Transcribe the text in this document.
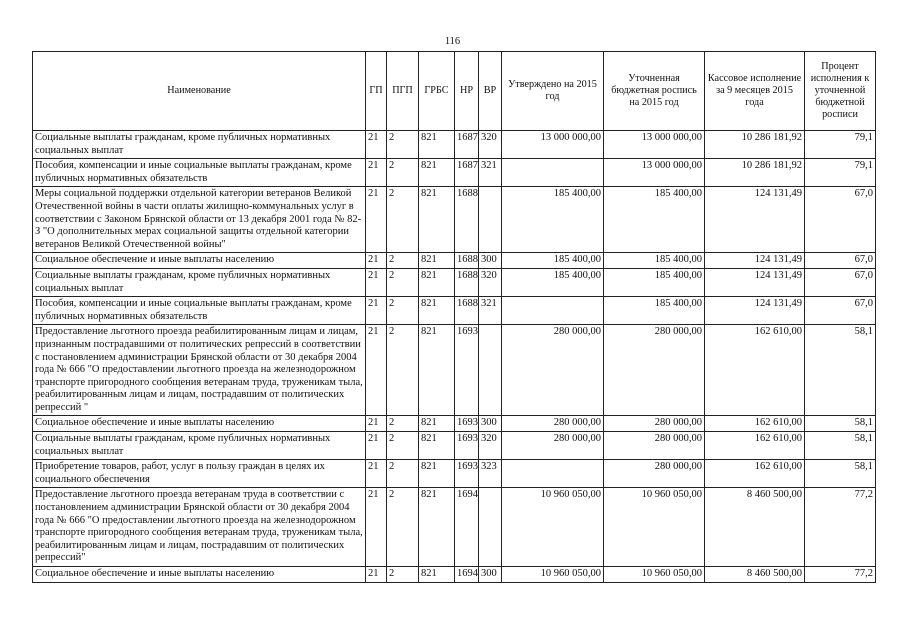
116
Наименование	ГП	ПГП	ГРБС	НР	ВР	Утверждено на 2015 год	Уточненная бюджетная роспись на 2015 год	Кассовое исполнение за 9 месяцев 2015 года	Процент исполнения к уточненной бюджетной росписи
Социальные выплаты гражданам, кроме публичных нормативных социальных выплат	21	2	821	1687	320	13 000 000,00	13 000 000,00	10 286 181,92	79,1
Пособия, компенсации и иные социальные выплаты гражданам, кроме публичных нормативных обязательств	21	2	821	1687	321		13 000 000,00	10 286 181,92	79,1
Меры социальной поддержки отдельной категории ветеранов Великой Отечественной войны в части оплаты жилищно-коммунальных услуг в соответствии с Законом Брянской области от 13 декабря 2001 года № 82-З "О дополнительных мерах социальной защиты отдельной категории ветеранов Великой Отечественной войны"	21	2	821	1688		185 400,00	185 400,00	124 131,49	67,0
Социальное обеспечение и иные выплаты населению	21	2	821	1688	300	185 400,00	185 400,00	124 131,49	67,0
Социальные выплаты гражданам, кроме публичных нормативных социальных выплат	21	2	821	1688	320	185 400,00	185 400,00	124 131,49	67,0
Пособия, компенсации и иные социальные выплаты гражданам, кроме публичных нормативных обязательств	21	2	821	1688	321		185 400,00	124 131,49	67,0
Предоставление льготного проезда реабилитированным лицам и лицам, признанным пострадавшими от политических репрессий в соответствии с постановлением администрации Брянской области от 30 декабря 2004 года № 666 "О предоставлении льготного проезда на железнодорожном транспорте пригородного сообщения ветеранам труда, труженикам тыла, реабилитированным лицам и лицам, пострадавшим от политических репрессий "	21	2	821	1693		280 000,00	280 000,00	162 610,00	58,1
Социальное обеспечение и иные выплаты населению	21	2	821	1693	300	280 000,00	280 000,00	162 610,00	58,1
Социальные выплаты гражданам, кроме публичных нормативных социальных выплат	21	2	821	1693	320	280 000,00	280 000,00	162 610,00	58,1
Приобретение товаров, работ, услуг в пользу граждан в целях их социального обеспечения	21	2	821	1693	323		280 000,00	162 610,00	58,1
Предоставление льготного проезда ветеранам труда в соответствии с постановлением администрации Брянской области от 30 декабря 2004 года № 666 "О предоставлении льготного проезда на железнодорожном транспорте пригородного сообщения ветеранам труда, труженикам тыла, реабилитированным лицам и лицам, пострадавшим от политических репрессий"	21	2	821	1694		10 960 050,00	10 960 050,00	8 460 500,00	77,2
Социальное обеспечение и иные выплаты населению	21	2	821	1694	300	10 960 050,00	10 960 050,00	8 460 500,00	77,2
